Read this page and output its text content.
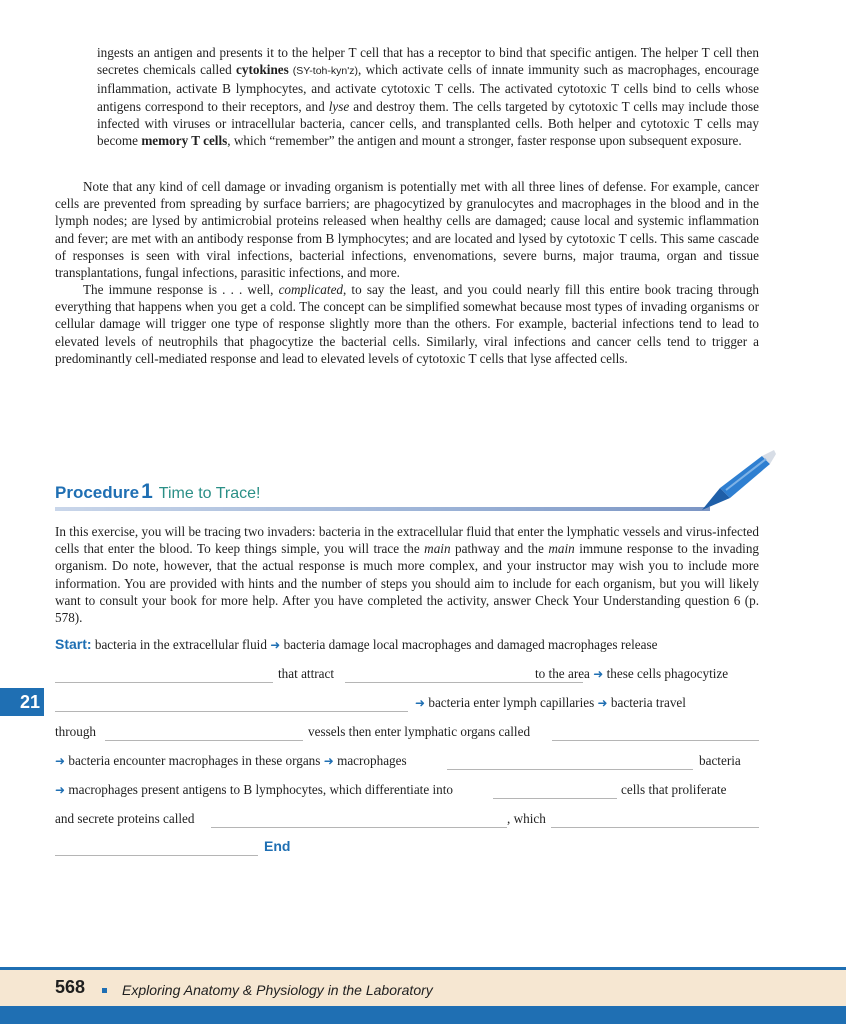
ingests an antigen and presents it to the helper T cell that has a receptor to bind that specific antigen. The helper T cell then secretes chemicals called cytokines (SY-toh-kyn'z), which activate cells of innate immunity such as macrophages, encourage inflammation, activate B lymphocytes, and activate cytotoxic T cells. The activated cytotoxic T cells bind to cells whose antigens correspond to their receptors, and lyse and destroy them. The cells targeted by cytotoxic T cells may include those infected with viruses or intracellular bacteria, cancer cells, and transplanted cells. Both helper and cytotoxic T cells may become memory T cells, which “remember” the antigen and mount a stronger, faster response upon subsequent exposure.
Note that any kind of cell damage or invading organism is potentially met with all three lines of defense. For example, cancer cells are prevented from spreading by surface barriers; are phagocytized by granulocytes and macrophages in the blood and in the lymph nodes; are lysed by antimicrobial proteins released when healthy cells are damaged; cause local and systemic inflammation and fever; are met with an antibody response from B lymphocytes; and are located and lysed by cytotoxic T cells. This same cascade of responses is seen with viral infections, bacterial infections, envenomations, severe burns, major trauma, organ and tissue transplantations, fungal infections, parasitic infections, and more.
The immune response is . . . well, complicated, to say the least, and you could nearly fill this entire book tracing through everything that happens when you get a cold. The concept can be simplified somewhat because most types of invading organisms or cellular damage will trigger one type of response slightly more than the others. For example, bacterial infections tend to lead to elevated levels of neutrophils that phagocytize the bacterial cells. Similarly, viral infections and cancer cells tend to trigger a predominantly cell-mediated response and lead to elevated levels of cytotoxic T cells that lyse affected cells.
Procedure1 Time to Trace!
In this exercise, you will be tracing two invaders: bacteria in the extracellular fluid that enter the lymphatic vessels and virus-infected cells that enter the blood. To keep things simple, you will trace the main pathway and the main immune response to the invading organism. Do note, however, that the actual response is much more complex, and your instructor may wish you to include more information. You are provided with hints and the number of steps you should aim to include for each organism, but you will likely want to consult your book for more help. After you have completed the activity, answer Check Your Understanding question 6 (p. 578).
Start: bacteria in the extracellular fluid ➜ bacteria damage local macrophages and damaged macrophages release
that attract	to the area ➜ these cells phagocytize
➜ bacteria enter lymph capillaries ➜ bacteria travel
through	vessels then enter lymphatic organs called
➜ bacteria encounter macrophages in these organs ➜ macrophages	bacteria
➜ macrophages present antigens to B lymphocytes, which differentiate into	cells that proliferate
and secrete proteins called	, which
End
21
568	Exploring Anatomy & Physiology in the Laboratory
